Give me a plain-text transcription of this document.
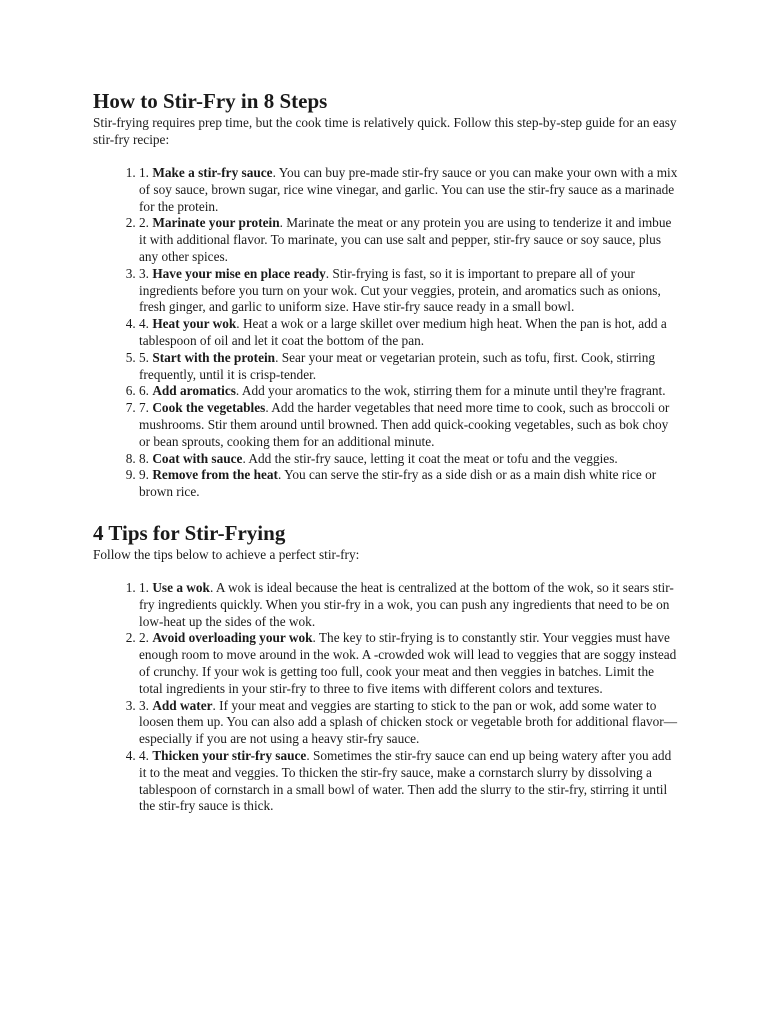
How to Stir-Fry in 8 Steps

Stir-frying requires prep time, but the cook time is relatively quick. Follow this step-by-step guide for an easy stir-fry recipe:

1. 1. Make a stir-fry sauce. You can buy pre-made stir-fry sauce or you can make your own with a mix of soy sauce, brown sugar, rice wine vinegar, and garlic. You can use the stir-fry sauce as a marinade for the protein.
2. 2. Marinate your protein. Marinate the meat or any protein you are using to tenderize it and imbue it with additional flavor. To marinate, you can use salt and pepper, stir-fry sauce or soy sauce, plus any other spices.
3. 3. Have your mise en place ready. Stir-frying is fast, so it is important to prepare all of your ingredients before you turn on your wok. Cut your veggies, protein, and aromatics such as onions, fresh ginger, and garlic to uniform size. Have stir-fry sauce ready in a small bowl.
4. 4. Heat your wok. Heat a wok or a large skillet over medium high heat. When the pan is hot, add a tablespoon of oil and let it coat the bottom of the pan.
5. 5. Start with the protein. Sear your meat or vegetarian protein, such as tofu, first. Cook, stirring frequently, until it is crisp-tender.
6. 6. Add aromatics. Add your aromatics to the wok, stirring them for a minute until they're fragrant.
7. 7. Cook the vegetables. Add the harder vegetables that need more time to cook, such as broccoli or mushrooms. Stir them around until browned. Then add quick-cooking vegetables, such as bok choy or bean sprouts, cooking them for an additional minute.
8. 8. Coat with sauce. Add the stir-fry sauce, letting it coat the meat or tofu and the veggies.
9. 9. Remove from the heat. You can serve the stir-fry as a side dish or as a main dish white rice or brown rice.
4 Tips for Stir-Frying

Follow the tips below to achieve a perfect stir-fry:

1. 1. Use a wok. A wok is ideal because the heat is centralized at the bottom of the wok, so it sears stir-fry ingredients quickly. When you stir-fry in a wok, you can push any ingredients that need to be on low-heat up the sides of the wok.
2. 2. Avoid overloading your wok. The key to stir-frying is to constantly stir. Your veggies must have enough room to move around in the wok. A -crowded wok will lead to veggies that are soggy instead of crunchy. If your wok is getting too full, cook your meat and then veggies in batches. Limit the total ingredients in your stir-fry to three to five items with different colors and textures.
3. 3. Add water. If your meat and veggies are starting to stick to the pan or wok, add some water to loosen them up. You can also add a splash of chicken stock or vegetable broth for additional flavor—especially if you are not using a heavy stir-fry sauce.
4. 4. Thicken your stir-fry sauce. Sometimes the stir-fry sauce can end up being watery after you add it to the meat and veggies. To thicken the stir-fry sauce, make a cornstarch slurry by dissolving a tablespoon of cornstarch in a small bowl of water. Then add the slurry to the stir-fry, stirring it until the stir-fry sauce is thick.
